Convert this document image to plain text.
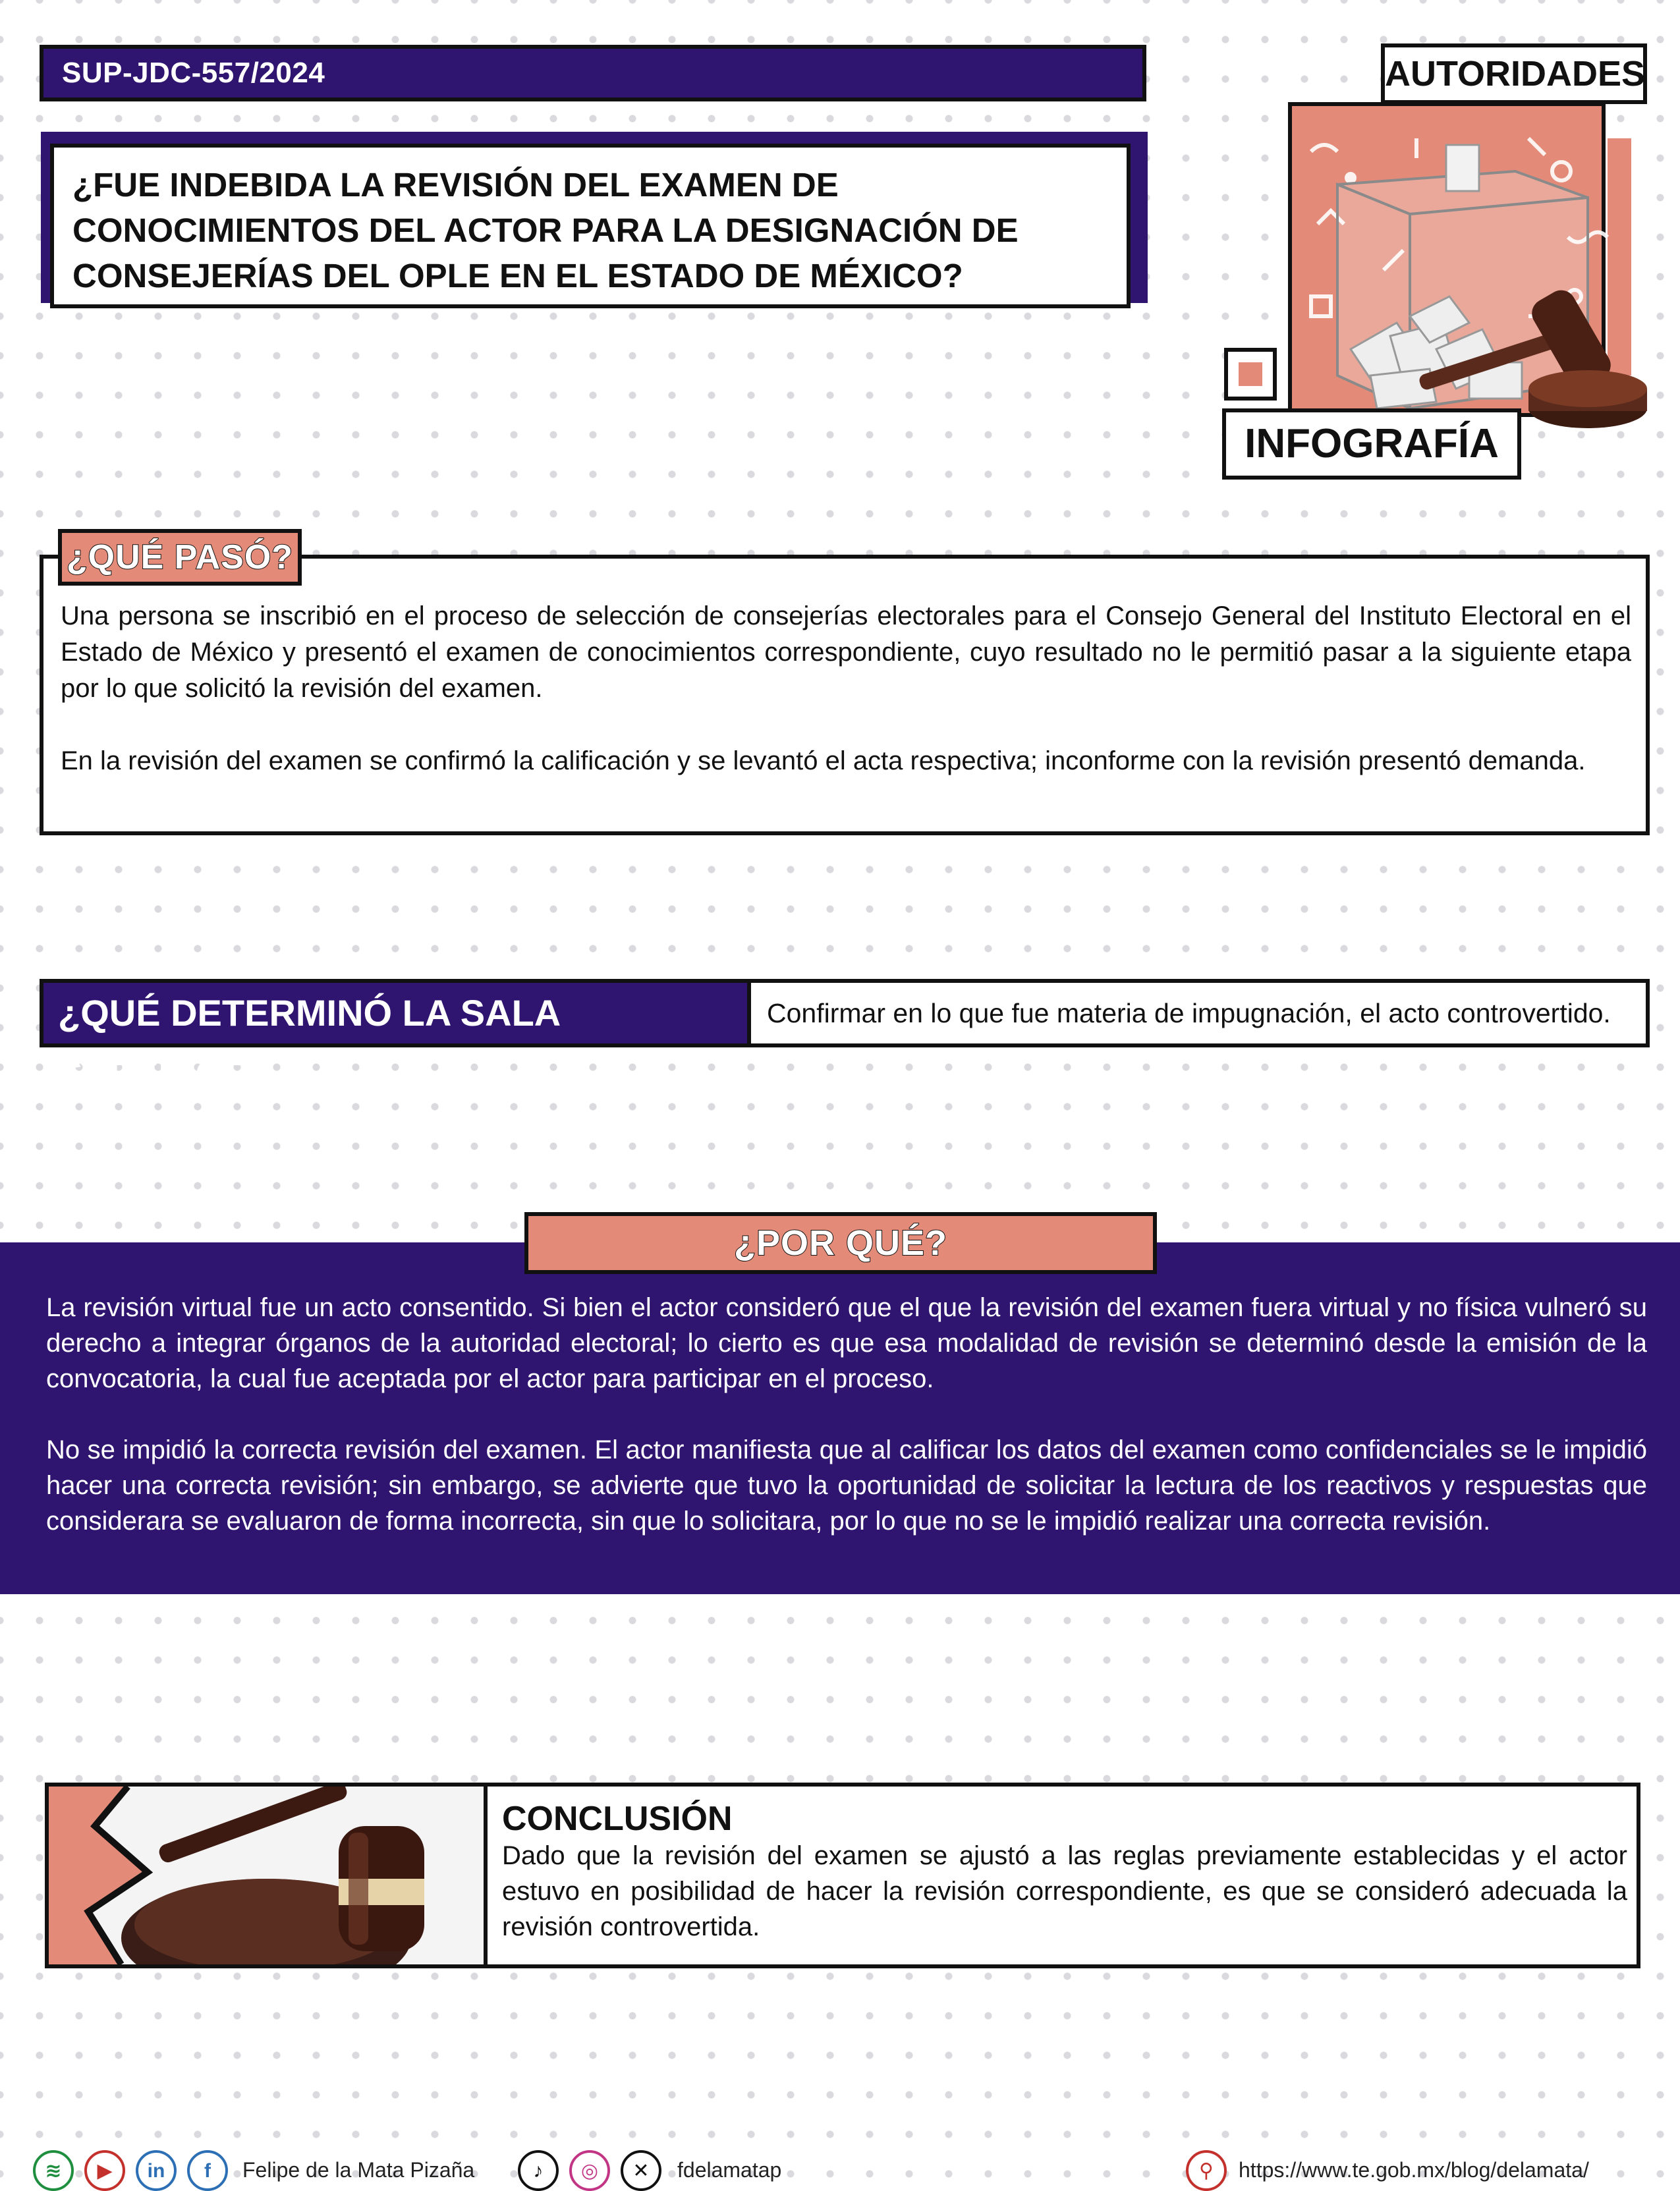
SUP-JDC-557/2024
¿FUE INDEBIDA LA REVISIÓN DEL EXAMEN DE CONOCIMIENTOS DEL ACTOR PARA LA DESIGNACIÓN DE CONSEJERÍAS DEL OPLE EN EL ESTADO DE MÉXICO?
AUTORIDADES
INFOGRAFÍA

Una persona se inscribió en el proceso de selección de consejerías electorales para el Consejo General del Instituto Electoral en el Estado de México y presentó el examen de conocimientos correspondiente, cuyo resultado no le permitió pasar a la siguiente etapa por lo que solicitó la revisión del examen.

En la revisión del examen se confirmó la calificación y se levantó el acta respectiva; inconforme con la revisión presentó demanda.

¿QUÉ PASÓ?
¿QUÉ DETERMINÓ LA SALA SUPERIOR?
Confirmar en lo que fue materia de impugnación, el acto controvertido.

La revisión virtual fue un acto consentido. Si bien el actor consideró que el que la revisión del examen fuera virtual y no física vulneró su derecho a integrar órganos de la autoridad electoral; lo cierto es que esa modalidad de revisión se determinó desde la emisión de la convocatoria, la cual fue aceptada por el actor para participar en el proceso.

No se impidió la correcta revisión del examen. El actor manifiesta que al calificar los datos del examen como confidenciales se le impidió hacer una correcta revisión; sin embargo, se advierte que tuvo la oportunidad de solicitar la lectura de los reactivos y respuestas que considerara se evaluaron de forma incorrecta, sin que lo solicitara, por lo que no se le impidió realizar una correcta revisión.

¿POR QUÉ?
CONCLUSIÓN
Dado que la revisión del examen se ajustó a las reglas previamente establecidas y el actor estuvo en posibilidad de hacer la revisión correspondiente, es que se consideró adecuada la revisión controvertida.
≋	▶	in	f	Felipe de la Mata Pizaña	♪	◎	✕	fdelamatap	⚲	https://www.te.gob.mx/blog/delamata/
